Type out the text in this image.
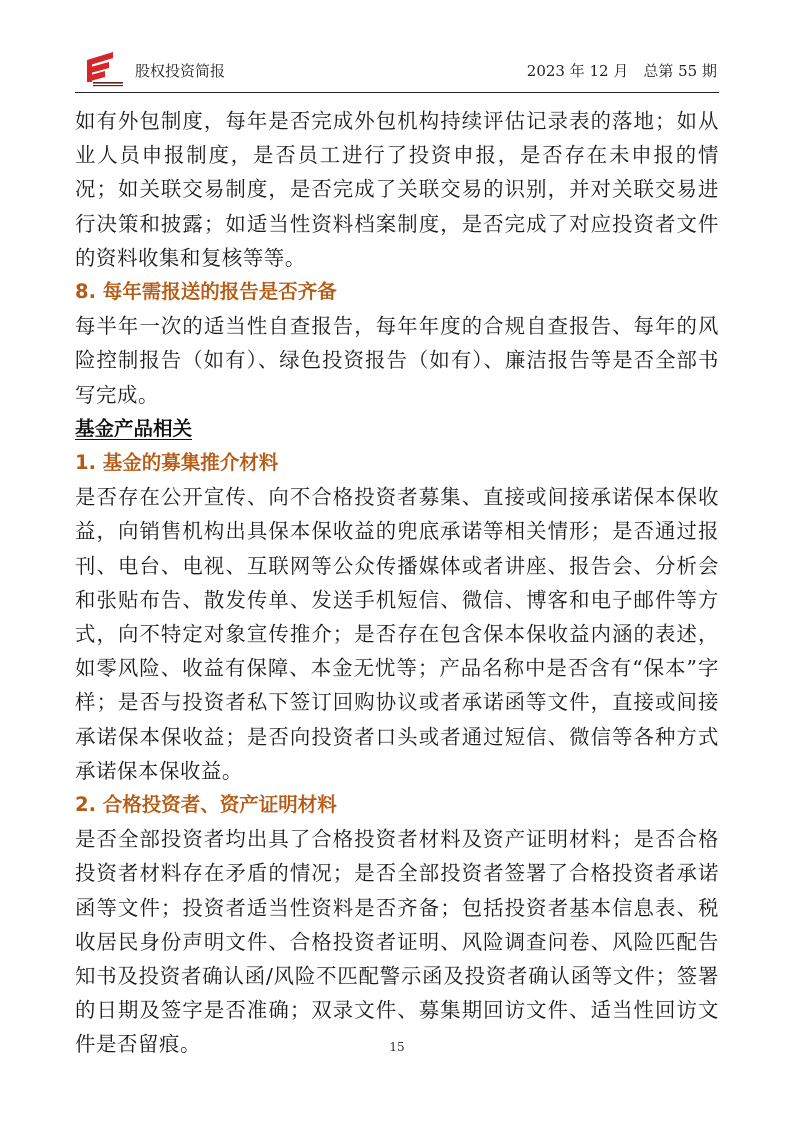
股权投资简报	2023 年 12 月　总第 55 期

如有外包制度，每年是否完成外包机构持续评估记录表的落地；如从业人员申报制度，是否员工进行了投资申报，是否存在未申报的情况；如关联交易制度，是否完成了关联交易的识别，并对关联交易进行决策和披露；如适当性资料档案制度，是否完成了对应投资者文件的资料收集和复核等等。

8. 每年需报送的报告是否齐备

每半年一次的适当性自查报告，每年年度的合规自查报告、每年的风险控制报告（如有）、绿色投资报告（如有）、廉洁报告等是否全部书写完成。

基金产品相关

1. 基金的募集推介材料

是否存在公开宣传、向不合格投资者募集、直接或间接承诺保本保收益，向销售机构出具保本保收益的兜底承诺等相关情形；是否通过报刊、电台、电视、互联网等公众传播媒体或者讲座、报告会、分析会和张贴布告、散发传单、发送手机短信、微信、博客和电子邮件等方式，向不特定对象宣传推介；是否存在包含保本保收益内涵的表述，如零风险、收益有保障、本金无忧等；产品名称中是否含有“保本”字样；是否与投资者私下签订回购协议或者承诺函等文件，直接或间接承诺保本保收益；是否向投资者口头或者通过短信、微信等各种方式承诺保本保收益。

2. 合格投资者、资产证明材料

是否全部投资者均出具了合格投资者材料及资产证明材料；是否合格投资者材料存在矛盾的情况；是否全部投资者签署了合格投资者承诺函等文件；投资者适当性资料是否齐备；包括投资者基本信息表、税收居民身份声明文件、合格投资者证明、风险调查问卷、风险匹配告知书及投资者确认函/风险不匹配警示函及投资者确认函等文件；签署的日期及签字是否准确；双录文件、募集期回访文件、适当性回访文件是否留痕。	15
